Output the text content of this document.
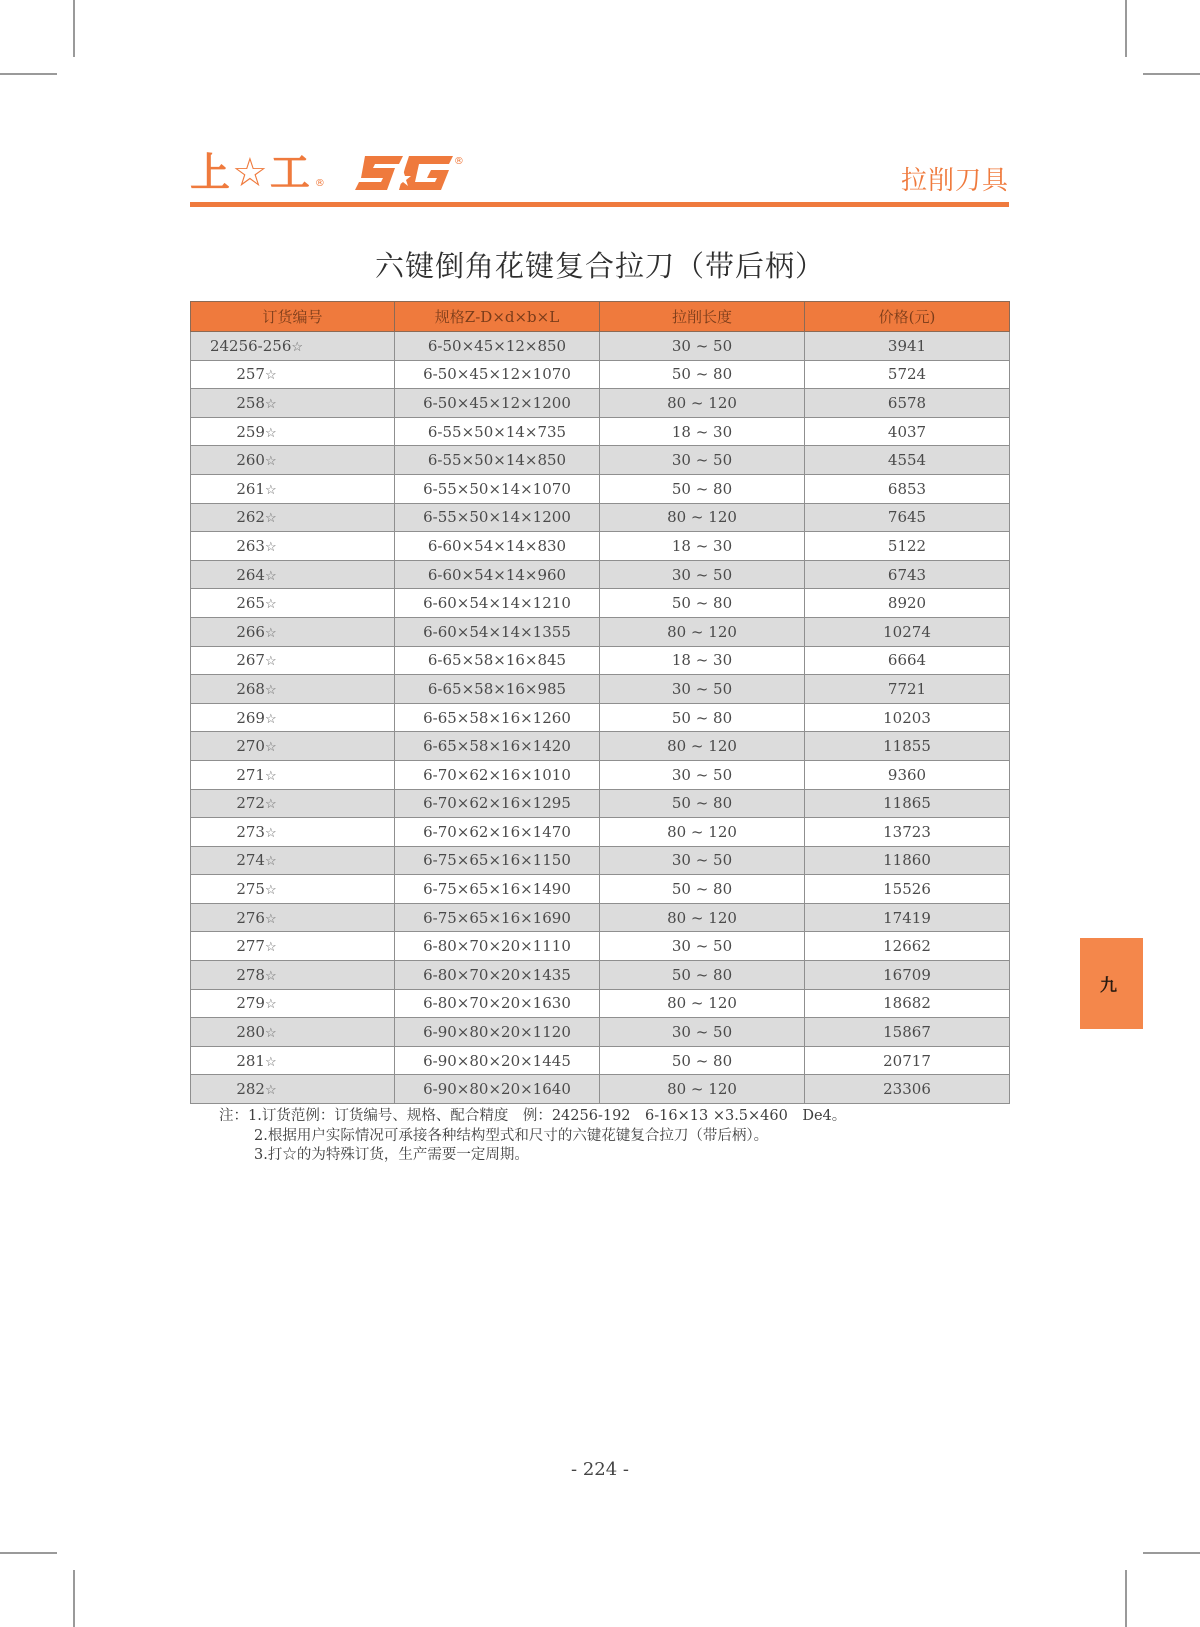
上☆工 ®
®
拉削刀具
六键倒角花键复合拉刀（带后柄）
订货编号	规格Z-D×d×b×L	拉削长度	价格(元)
24256-256☆	6-50×45×12×850	30 ~ 50	3941
257☆	6-50×45×12×1070	50 ~ 80	5724
258☆	6-50×45×12×1200	80 ~ 120	6578
259☆	6-55×50×14×735	18 ~ 30	4037
260☆	6-55×50×14×850	30 ~ 50	4554
261☆	6-55×50×14×1070	50 ~ 80	6853
262☆	6-55×50×14×1200	80 ~ 120	7645
263☆	6-60×54×14×830	18 ~ 30	5122
264☆	6-60×54×14×960	30 ~ 50	6743
265☆	6-60×54×14×1210	50 ~ 80	8920
266☆	6-60×54×14×1355	80 ~ 120	10274
267☆	6-65×58×16×845	18 ~ 30	6664
268☆	6-65×58×16×985	30 ~ 50	7721
269☆	6-65×58×16×1260	50 ~ 80	10203
270☆	6-65×58×16×1420	80 ~ 120	11855
271☆	6-70×62×16×1010	30 ~ 50	9360
272☆	6-70×62×16×1295	50 ~ 80	11865
273☆	6-70×62×16×1470	80 ~ 120	13723
274☆	6-75×65×16×1150	30 ~ 50	11860
275☆	6-75×65×16×1490	50 ~ 80	15526
276☆	6-75×65×16×1690	80 ~ 120	17419
277☆	6-80×70×20×1110	30 ~ 50	12662
278☆	6-80×70×20×1435	50 ~ 80	16709
279☆	6-80×70×20×1630	80 ~ 120	18682
280☆	6-90×80×20×1120	30 ~ 50	15867
281☆	6-90×80×20×1445	50 ~ 80	20717
282☆	6-90×80×20×1640	80 ~ 120	23306
注：1.订货范例：订货编号、规格、配合精度　例：24256-192　6-16×13 ×3.5×460　De4。
2.根据用户实际情况可承接各种结构型式和尺寸的六键花键复合拉刀（带后柄）。
3.打☆的为特殊订货，生产需要一定周期。
九
- 224 -
